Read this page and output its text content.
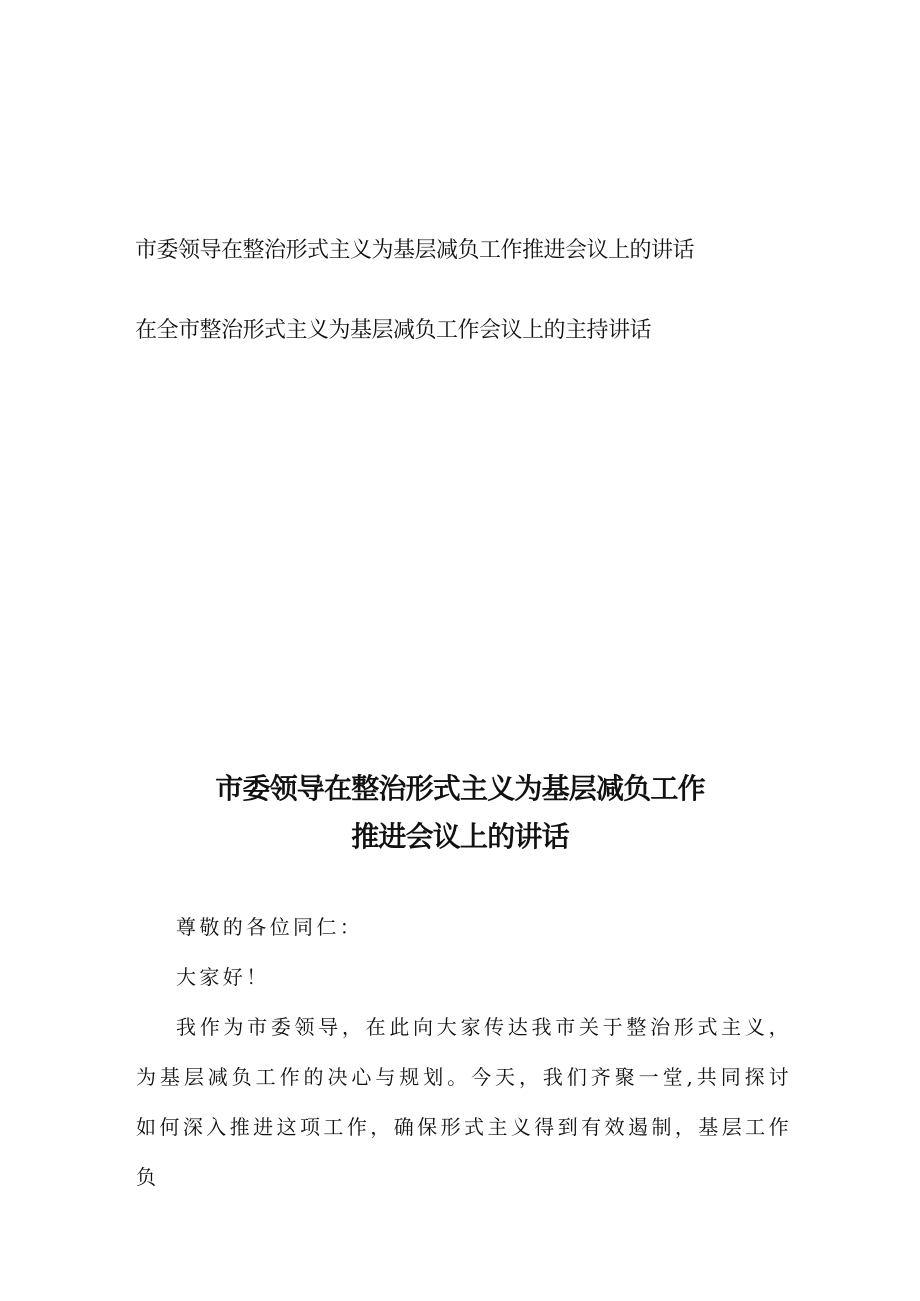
市委领导在整治形式主义为基层减负工作推进会议上的讲话

在全市整治形式主义为基层减负工作会议上的主持讲话

市委领导在整治形式主义为基层减负工作
推进会议上的讲话

尊敬的各位同仁：

大家好！

我作为市委领导，在此向大家传达我市关于整治形式主义，为基层减负工作的决心与规划。今天，我们齐聚一堂,共同探讨如何深入推进这项工作，确保形式主义得到有效遏制，基层工作负
